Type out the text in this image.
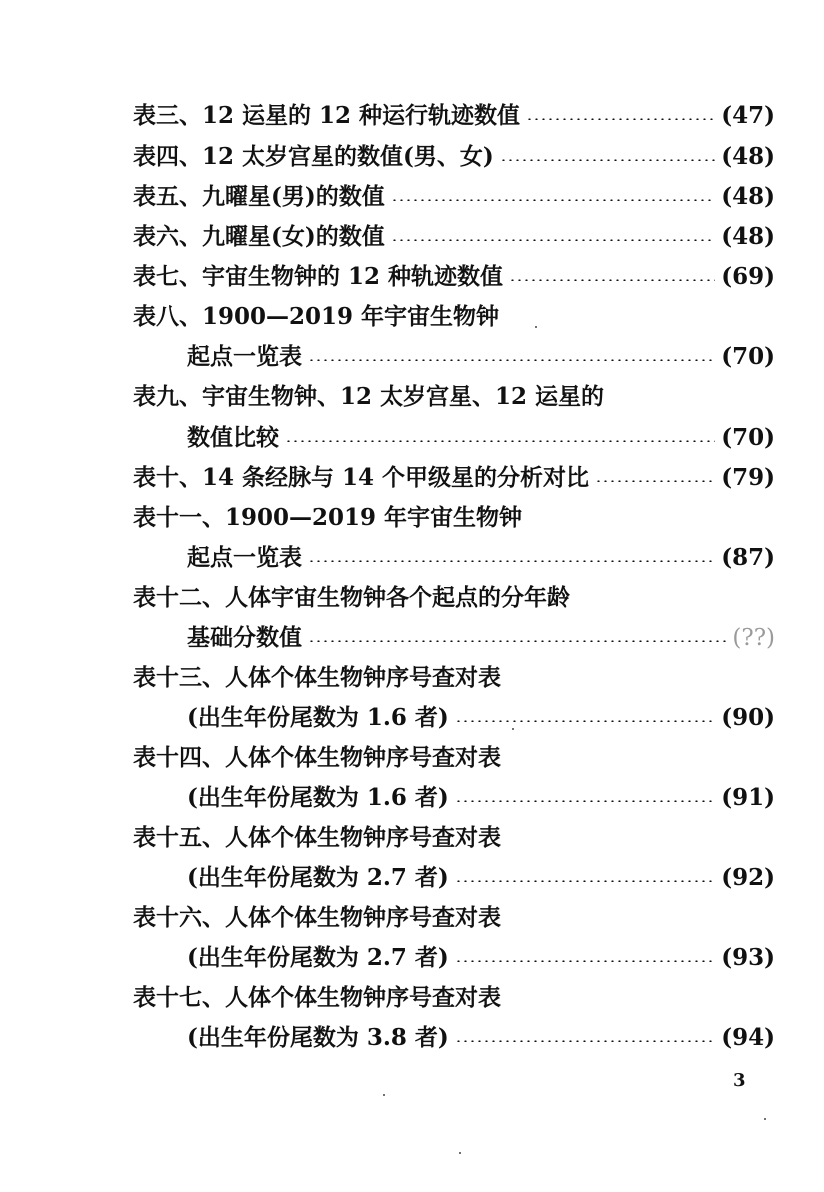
表三、12 运星的 12 种运行轨迹数值	(47)
表四、12 太岁宫星的数值(男、女)	(48)
表五、九曜星(男)的数值	(48)
表六、九曜星(女)的数值	(48)
表七、宇宙生物钟的 12 种轨迹数值	(69)
表八、1900—2019 年宇宙生物钟
起点一览表	(70)
表九、宇宙生物钟、12 太岁宫星、12 运星的
数值比较	(70)
表十、14 条经脉与 14 个甲级星的分析对比	(79)
表十一、1900—2019 年宇宙生物钟
起点一览表	(87)
表十二、人体宇宙生物钟各个起点的分年龄
基础分数值	(??)
表十三、人体个体生物钟序号查对表
(出生年份尾数为 1.6 者)	(90)
表十四、人体个体生物钟序号查对表
(出生年份尾数为 1.6 者)	(91)
表十五、人体个体生物钟序号查对表
(出生年份尾数为 2.7 者)	(92)
表十六、人体个体生物钟序号查对表
(出生年份尾数为 2.7 者)	(93)
表十七、人体个体生物钟序号查对表
(出生年份尾数为 3.8 者)	(94)
3
